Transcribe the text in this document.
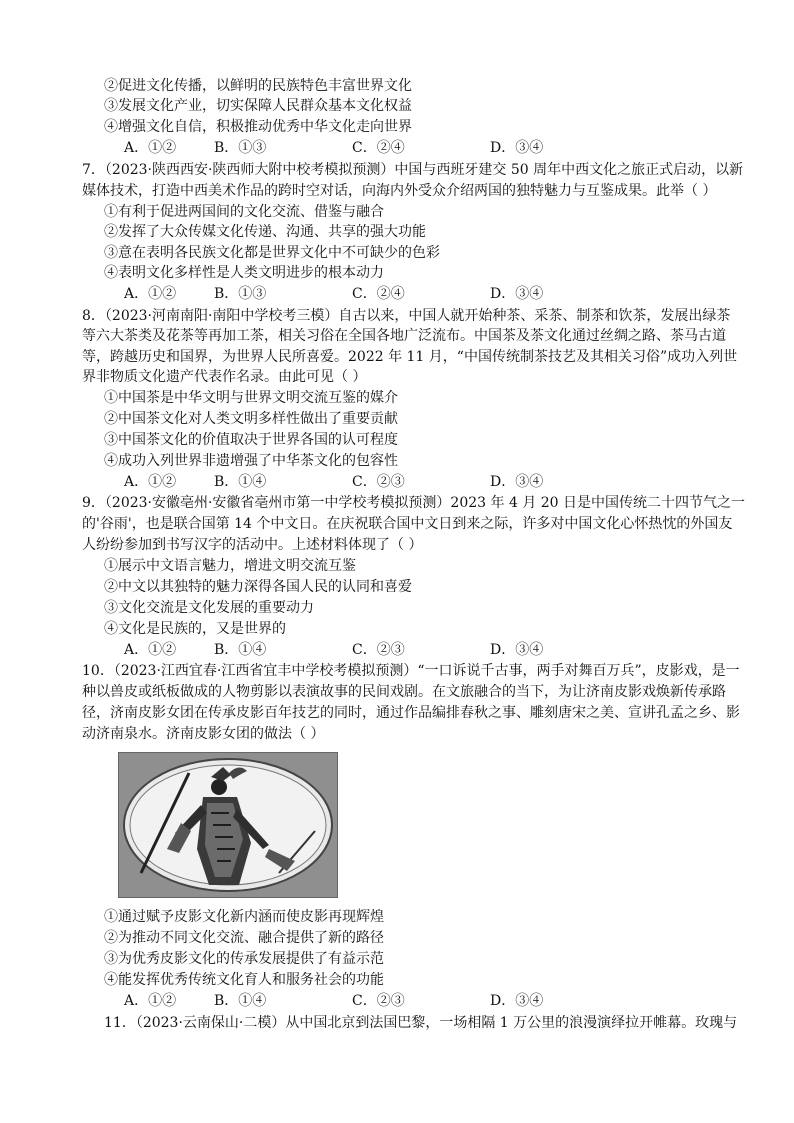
②促进文化传播，以鲜明的民族特色丰富世界文化
③发展文化产业，切实保障人民群众基本文化权益
④增强文化自信，积极推动优秀中华文化走向世界
A．①②	B．①③	C．②④	D．③④
7．（2023·陕西西安·陕西师大附中校考模拟预测）中国与西班牙建交 50 周年中西文化之旅正式启动，以新
媒体技术，打造中西美术作品的跨时空对话，向海内外受众介绍两国的独特魅力与互鉴成果。此举（ ）
①有利于促进两国间的文化交流、借鉴与融合
②发挥了大众传媒文化传递、沟通、共享的强大功能
③意在表明各民族文化都是世界文化中不可缺少的色彩
④表明文化多样性是人类文明进步的根本动力
A．①②	B．①③	C．②④	D．③④
8．（2023·河南南阳·南阳中学校考三模）自古以来，中国人就开始种茶、采茶、制茶和饮茶，发展出绿茶
等六大茶类及花茶等再加工茶，相关习俗在全国各地广泛流布。中国茶及茶文化通过丝绸之路、茶马古道
等，跨越历史和国界，为世界人民所喜爱。2022 年 11 月，“中国传统制茶技艺及其相关习俗”成功入列世
界非物质文化遗产代表作名录。由此可见（ ）
①中国茶是中华文明与世界文明交流互鉴的媒介
②中国茶文化对人类文明多样性做出了重要贡献
③中国茶文化的价值取决于世界各国的认可程度
④成功入列世界非遗增强了中华茶文化的包容性
A．①②	B．①④	C．②③	D．③④
9．（2023·安徽亳州·安徽省亳州市第一中学校考模拟预测）2023 年 4 月 20 日是中国传统二十四节气之一
的'谷雨'，也是联合国第 14 个中文日。在庆祝联合国中文日到来之际，许多对中国文化心怀热忱的外国友
人纷纷参加到书写汉字的活动中。上述材料体现了（ ）
①展示中文语言魅力，增进文明交流互鉴
②中文以其独特的魅力深得各国人民的认同和喜爱
③文化交流是文化发展的重要动力
④文化是民族的，又是世界的
A．①②	B．①④	C．②③	D．③④
10．（2023·江西宜春·江西省宜丰中学校考模拟预测）“一口诉说千古事，两手对舞百万兵”，皮影戏，是一
种以兽皮或纸板做成的人物剪影以表演故事的民间戏剧。在文旅融合的当下，为让济南皮影戏焕新传承路
径，济南皮影女团在传承皮影百年技艺的同时，通过作品编排春秋之事、雕刻唐宋之美、宣讲孔孟之乡、影
动济南泉水。济南皮影女团的做法（ ）
①通过赋予皮影文化新内涵而使皮影再现辉煌
②为推动不同文化交流、融合提供了新的路径
③为优秀皮影文化的传承发展提供了有益示范
④能发挥优秀传统文化育人和服务社会的功能
A．①②	B．①④	C．②③	D．③④
11．（2023·云南保山·二模）从中国北京到法国巴黎，一场相隔 1 万公里的浪漫演绎拉开帷幕。玫瑰与
